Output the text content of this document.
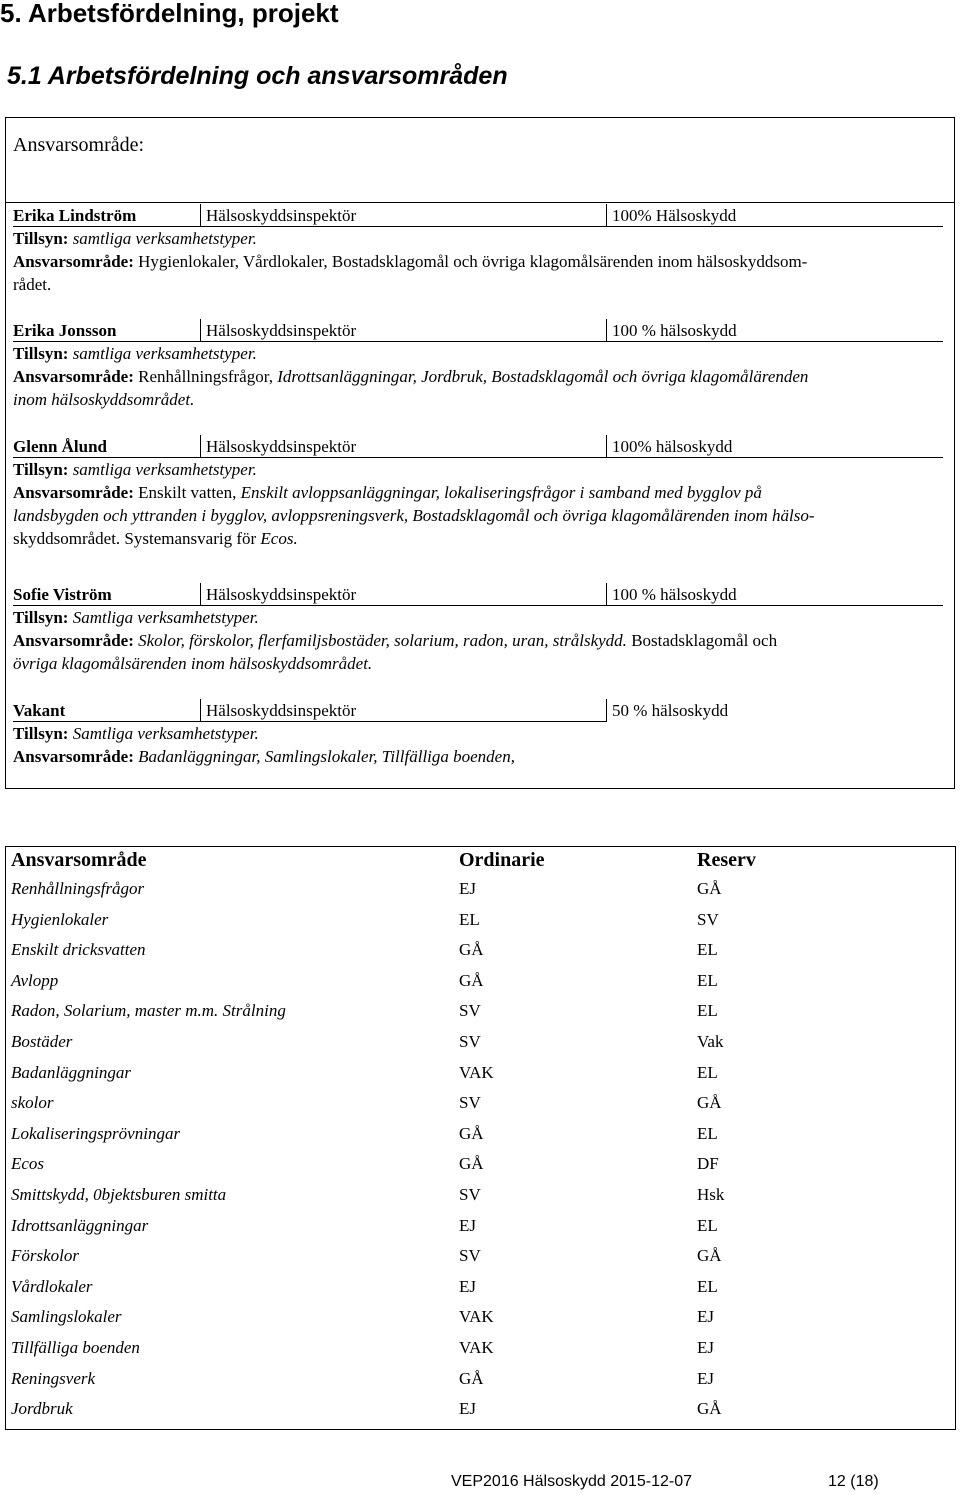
5. Arbetsfördelning, projekt
5.1 Arbetsfördelning och ansvarsområden
Ansvarsområde:
Erika Lindström	Hälsoskyddsinspektör	100% Hälsoskydd
Tillsyn: samtliga verksamhetstyper.
Ansvarsområde: Hygienlokaler, Vårdlokaler, Bostadsklagomål och övriga klagomålsärenden inom hälsoskyddsom-
rådet.
Erika Jonsson	Hälsoskyddsinspektör	100 % hälsoskydd
Tillsyn: samtliga verksamhetstyper.
Ansvarsområde: Renhållningsfrågor, Idrottsanläggningar, Jordbruk, Bostadsklagomål och övriga klagomålärenden
inom hälsoskyddsområdet.
Glenn Ålund	Hälsoskyddsinspektör	100% hälsoskydd
Tillsyn: samtliga verksamhetstyper.
Ansvarsområde: Enskilt vatten, Enskilt avloppsanläggningar, lokaliseringsfrågor i samband med bygglov på
landsbygden och yttranden i bygglov, avloppsreningsverk, Bostadsklagomål och övriga klagomålärenden inom hälso-
skyddsområdet. Systemansvarig för Ecos.
Sofie Viström	Hälsoskyddsinspektör	100 % hälsoskydd
Tillsyn: Samtliga verksamhetstyper.
Ansvarsområde: Skolor, förskolor, flerfamiljsbostäder, solarium, radon, uran, strålskydd. Bostadsklagomål och
övriga klagomålsärenden inom hälsoskyddsområdet.
Vakant	Hälsoskyddsinspektör	50 % hälsoskydd
Tillsyn: Samtliga verksamhetstyper.
Ansvarsområde: Badanläggningar, Samlingslokaler, Tillfälliga boenden,
Ansvarsområde	Ordinarie	Reserv
Renhållningsfrågor	EJ	GÅ
Hygienlokaler	EL	SV
Enskilt dricksvatten	GÅ	EL
Avlopp	GÅ	EL
Radon, Solarium, master m.m. Strålning	SV	EL
Bostäder	SV	Vak
Badanläggningar	VAK	EL
skolor	SV	GÅ
Lokaliseringsprövningar	GÅ	EL
Ecos	GÅ	DF
Smittskydd, 0bjektsburen smitta	SV	Hsk
Idrottsanläggningar	EJ	EL
Förskolor	SV	GÅ
Vårdlokaler	EJ	EL
Samlingslokaler	VAK	EJ
Tillfälliga boenden	VAK	EJ
Reningsverk	GÅ	EJ
Jordbruk	EJ	GÅ
VEP2016 Hälsoskydd 2015-12-07	12 (18)
